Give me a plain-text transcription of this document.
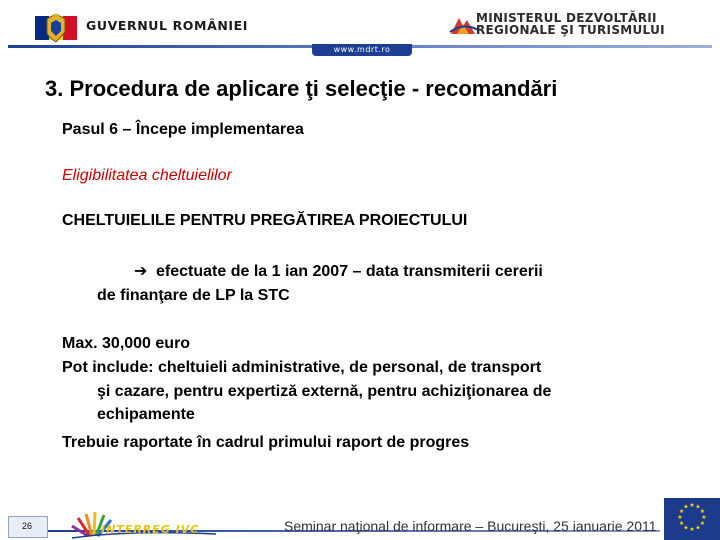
GUVERNUL ROMÂNIEI	MINISTERUL DEZVOLTĂRII
REGIONALE ŞI TURISMULUI
www.mdrt.ro
3. Procedura de aplicare ţi selecţie - recomandări
Pasul 6 – Începe implementarea
Eligibilitatea cheltuielilor
CHELTUIELILE PENTRU PREGĂTIREA PROIECTULUI
➔ efectuate de la 1 ian 2007 – data transmiterii cererii
de finanţare de LP la STC
Max. 30,000 euro
Pot include: cheltuieli administrative, de personal, de transport
şi cazare, pentru expertiză externă, pentru achiziţionarea de
echipamente
Trebuie raportate în cadrul primului raport de progres
26	INTERREG IVC	Seminar naţional de informare – Bucureşti, 25 ianuarie 2011
★ ★
★
★
★
★
★
★
★
★
★
★
